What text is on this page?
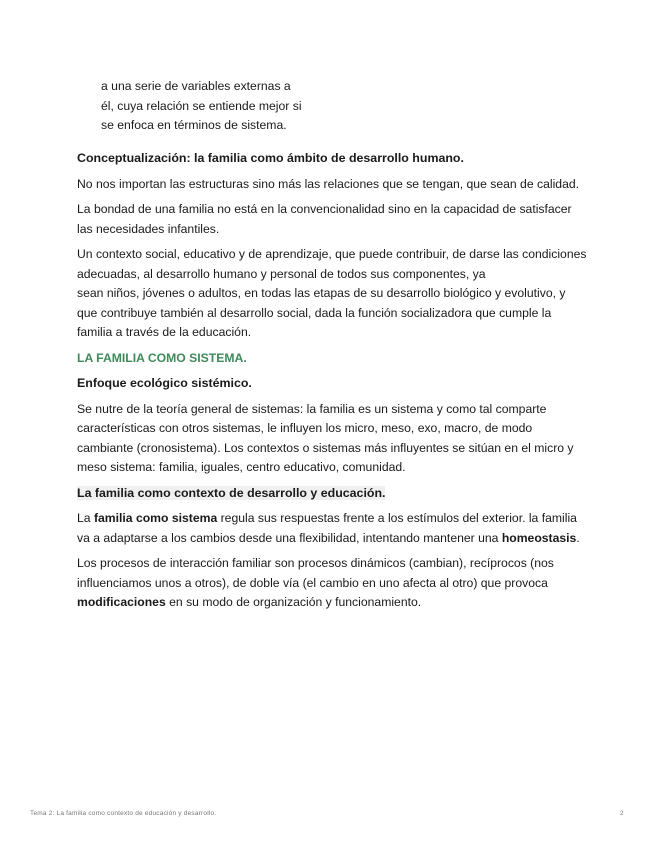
a una serie de variables externas a
él, cuya relación se entiende mejor si
se enfoca en términos de sistema.
Conceptualización: la familia como ámbito de desarrollo humano.

No nos importan las estructuras sino más las relaciones que se tengan, que sean de calidad.

La bondad de una familia no está en la convencionalidad sino en la capacidad de satisfacer las necesidades infantiles.

Un contexto social, educativo y de aprendizaje, que puede contribuir, de darse las condiciones adecuadas, al desarrollo humano y personal de todos sus componentes, ya
sean niños, jóvenes o adultos, en todas las etapas de su desarrollo biológico y evolutivo, y
que contribuye también al desarrollo social, dada la función socializadora que cumple la familia a través de la educación.

LA FAMILIA COMO SISTEMA.
Enfoque ecológico sistémico.

Se nutre de la teoría general de sistemas: la familia es un sistema y como tal comparte características con otros sistemas, le influyen los micro, meso, exo, macro, de modo cambiante (cronosistema). Los contextos o sistemas más influyentes se sitúan en el micro y meso sistema: familia, iguales, centro educativo, comunidad.

La familia como contexto de desarrollo y educación.

La familia como sistema regula sus respuestas frente a los estímulos del exterior. la familia va a adaptarse a los cambios desde una flexibilidad, intentando mantener una homeostasis.

Los procesos de interacción familiar son procesos dinámicos (cambian), recíprocos (nos influenciamos unos a otros), de doble vía (el cambio en uno afecta al otro) que provoca modificaciones en su modo de organización y funcionamiento.

Tema 2: La familia como contexto de educación y desarrollo.	2
